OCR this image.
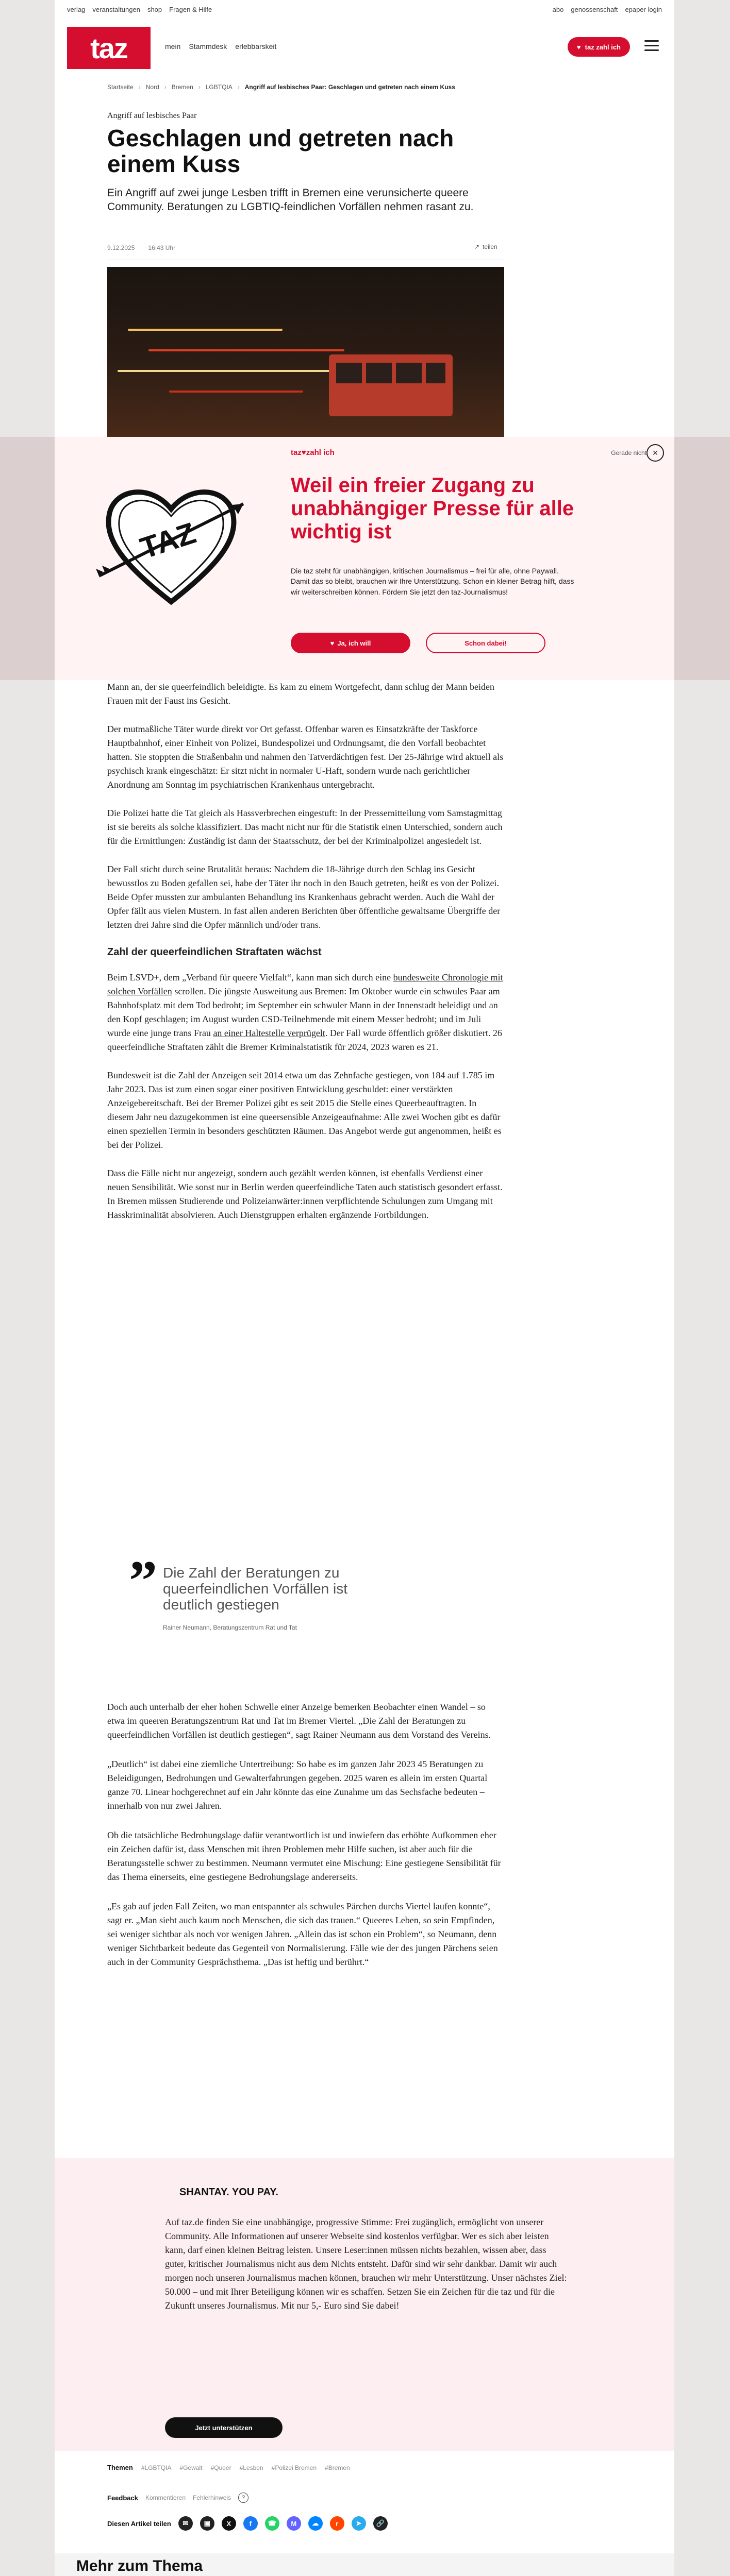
verlag veranstaltungen shop Fragen & Hilfe	abo genossenschaft epaper login
taz	mein Stammdesk erlebbarskeit	♥ taz zahl ich
Startseite › Nord › Bremen › LGBTQIA › Angriff auf lesbisches Paar: Geschlagen und getreten nach einem Kuss
Angriff auf lesbisches Paar
Geschlagen und getreten nach einem Kuss

Ein Angriff auf zwei junge Lesben trifft in Bremen eine verunsicherte queere Community. Beratungen zu LGBTIQ-feindlichen Vorfällen nehmen rasant zu.

9.12.2025 16:43 Uhr	↗ teilen
taz♥zahl ich	Gerade nicht ×
TAZ
Weil ein freier Zugang zu unabhängiger Presse für alle wichtig ist
Die taz steht für unabhängigen, kritischen Journalismus – frei für alle, ohne Paywall. Damit das so bleibt, brauchen wir Ihre Unterstützung. Schon ein kleiner Betrag hilft, dass wir weiterschreiben können. Fördern Sie jetzt den taz-Journalismus!
♥ Ja, ich will	Schon dabei!

Mann an, der sie queerfeindlich beleidigte. Es kam zu einem Wortgefecht, dann schlug der Mann beiden Frauen mit der Faust ins Gesicht.

Der mutmaßliche Täter wurde direkt vor Ort gefasst. Offenbar waren es Einsatzkräfte der Taskforce Hauptbahnhof, einer Einheit von Polizei, Bundespolizei und Ordnungsamt, die den Vorfall beobachtet hatten. Sie stoppten die Straßenbahn und nahmen den Tatverdächtigen fest. Der 25-Jährige wird aktuell als psychisch krank eingeschätzt: Er sitzt nicht in normaler U-Haft, sondern wurde nach gerichtlicher Anordnung am Sonntag im psychiatrischen Krankenhaus untergebracht.

Die Polizei hatte die Tat gleich als Hassverbrechen eingestuft: In der Pressemitteilung vom Samstagmittag ist sie bereits als solche klassifiziert. Das macht nicht nur für die Statistik einen Unterschied, sondern auch für die Ermittlungen: Zuständig ist dann der Staatsschutz, der bei der Kriminalpolizei angesiedelt ist.

Der Fall sticht durch seine Brutalität heraus: Nachdem die 18-Jährige durch den Schlag ins Gesicht bewusstlos zu Boden gefallen sei, habe der Täter ihr noch in den Bauch getreten, heißt es von der Polizei. Beide Opfer mussten zur ambulanten Behandlung ins Krankenhaus gebracht werden. Auch die Wahl der Opfer fällt aus vielen Mustern. In fast allen anderen Berichten über öffentliche gewaltsame Übergriffe der letzten drei Jahre sind die Opfer männlich und/oder trans.

Zahl der queerfeindlichen Straftaten wächst

Beim LSVD+, dem „Verband für queere Vielfalt“, kann man sich durch eine bundesweite Chronologie mit solchen Vorfällen scrollen. Die jüngste Ausweitung aus Bremen: Im Oktober wurde ein schwules Paar am Bahnhofsplatz mit dem Tod bedroht; im September ein schwuler Mann in der Innenstadt beleidigt und an den Kopf geschlagen; im August wurden CSD-Teilnehmende mit einem Messer bedroht; und im Juli wurde eine junge trans Frau an einer Haltestelle verprügelt. Der Fall wurde öffentlich größer diskutiert. 26 queerfeindliche Straftaten zählt die Bremer Kriminalstatistik für 2024, 2023 waren es 21.

Bundesweit ist die Zahl der Anzeigen seit 2014 etwa um das Zehnfache gestiegen, von 184 auf 1.785 im Jahr 2023. Das ist zum einen sogar einer positiven Entwicklung geschuldet: einer verstärkten Anzeigebereitschaft. Bei der Bremer Polizei gibt es seit 2015 die Stelle eines Queerbeauftragten. In diesem Jahr neu dazugekommen ist eine queersensible Anzeigeaufnahme: Alle zwei Wochen gibt es dafür einen speziellen Termin in besonders geschützten Räumen. Das Angebot werde gut angenommen, heißt es bei der Polizei.

Dass die Fälle nicht nur angezeigt, sondern auch gezählt werden können, ist ebenfalls Verdienst einer neuen Sensibilität. Wie sonst nur in Berlin werden queerfeindliche Taten auch statistisch gesondert erfasst. In Bremen müssen Studierende und Polizeianwärter:innen verpflichtende Schulungen zum Umgang mit Hasskriminalität absolvieren. Auch Dienstgruppen erhalten ergänzende Fortbildungen.

” Die Zahl der Beratungen zu queerfeindlichen Vorfällen ist deutlich gestiegen
Rainer Neumann, Beratungszentrum Rat und Tat

Doch auch unterhalb der eher hohen Schwelle einer Anzeige bemerken Beobachter einen Wandel – so etwa im queeren Beratungszentrum Rat und Tat im Bremer Viertel. „Die Zahl der Beratungen zu queerfeindlichen Vorfällen ist deutlich gestiegen“, sagt Rainer Neumann aus dem Vorstand des Vereins.

„Deutlich“ ist dabei eine ziemliche Untertreibung: So habe es im ganzen Jahr 2023 45 Beratungen zu Beleidigungen, Bedrohungen und Gewalterfahrungen gegeben. 2025 waren es allein im ersten Quartal ganze 70. Linear hochgerechnet auf ein Jahr könnte das eine Zunahme um das Sechsfache bedeuten – innerhalb von nur zwei Jahren.

Ob die tatsächliche Bedrohungslage dafür verantwortlich ist und inwiefern das erhöhte Aufkommen eher ein Zeichen dafür ist, dass Menschen mit ihren Problemen mehr Hilfe suchen, ist aber auch für die Beratungsstelle schwer zu bestimmen. Neumann vermutet eine Mischung: Eine gestiegene Sensibilität für das Thema einerseits, eine gestiegene Bedrohungslage andererseits.

„Es gab auf jeden Fall Zeiten, wo man entspannter als schwules Pärchen durchs Viertel laufen konnte“, sagt er. „Man sieht auch kaum noch Menschen, die sich das trauen.“ Queeres Leben, so sein Empfinden, sei weniger sichtbar als noch vor wenigen Jahren. „Allein das ist schon ein Problem“, so Neumann, denn weniger Sichtbarkeit bedeute das Gegenteil von Normalisierung. Fälle wie der des jungen Pärchens seien auch in der Community Gesprächsthema. „Das ist heftig und berührt.“

SHANTAY. YOU PAY.

Auf taz.de finden Sie eine unabhängige, progressive Stimme: Frei zugänglich, ermöglicht von unserer Community. Alle Informationen auf unserer Webseite sind kostenlos verfügbar. Wer es sich aber leisten kann, darf einen kleinen Beitrag leisten. Unsere Leser:innen müssen nichts bezahlen, wissen aber, dass guter, kritischer Journalismus nicht aus dem Nichts entsteht. Dafür sind wir sehr dankbar. Damit wir auch morgen noch unseren Journalismus machen können, brauchen wir mehr Unterstützung. Unser nächstes Ziel: 50.000 – und mit Ihrer Beteiligung können wir es schaffen. Setzen Sie ein Zeichen für die taz und für die Zukunft unseres Journalismus. Mit nur 5,- Euro sind Sie dabei!

Jetzt unterstützen
Themen #LGBTQIA #Gewalt #Queer #Lesben #Polizei Bremen #Bremen
Feedback Kommentieren Fehlerhinweis	?
Diesen Artikel teilen	✉	▣	X	f	☎	M	☁	r	➤	🔗
Mehr zum Thema
